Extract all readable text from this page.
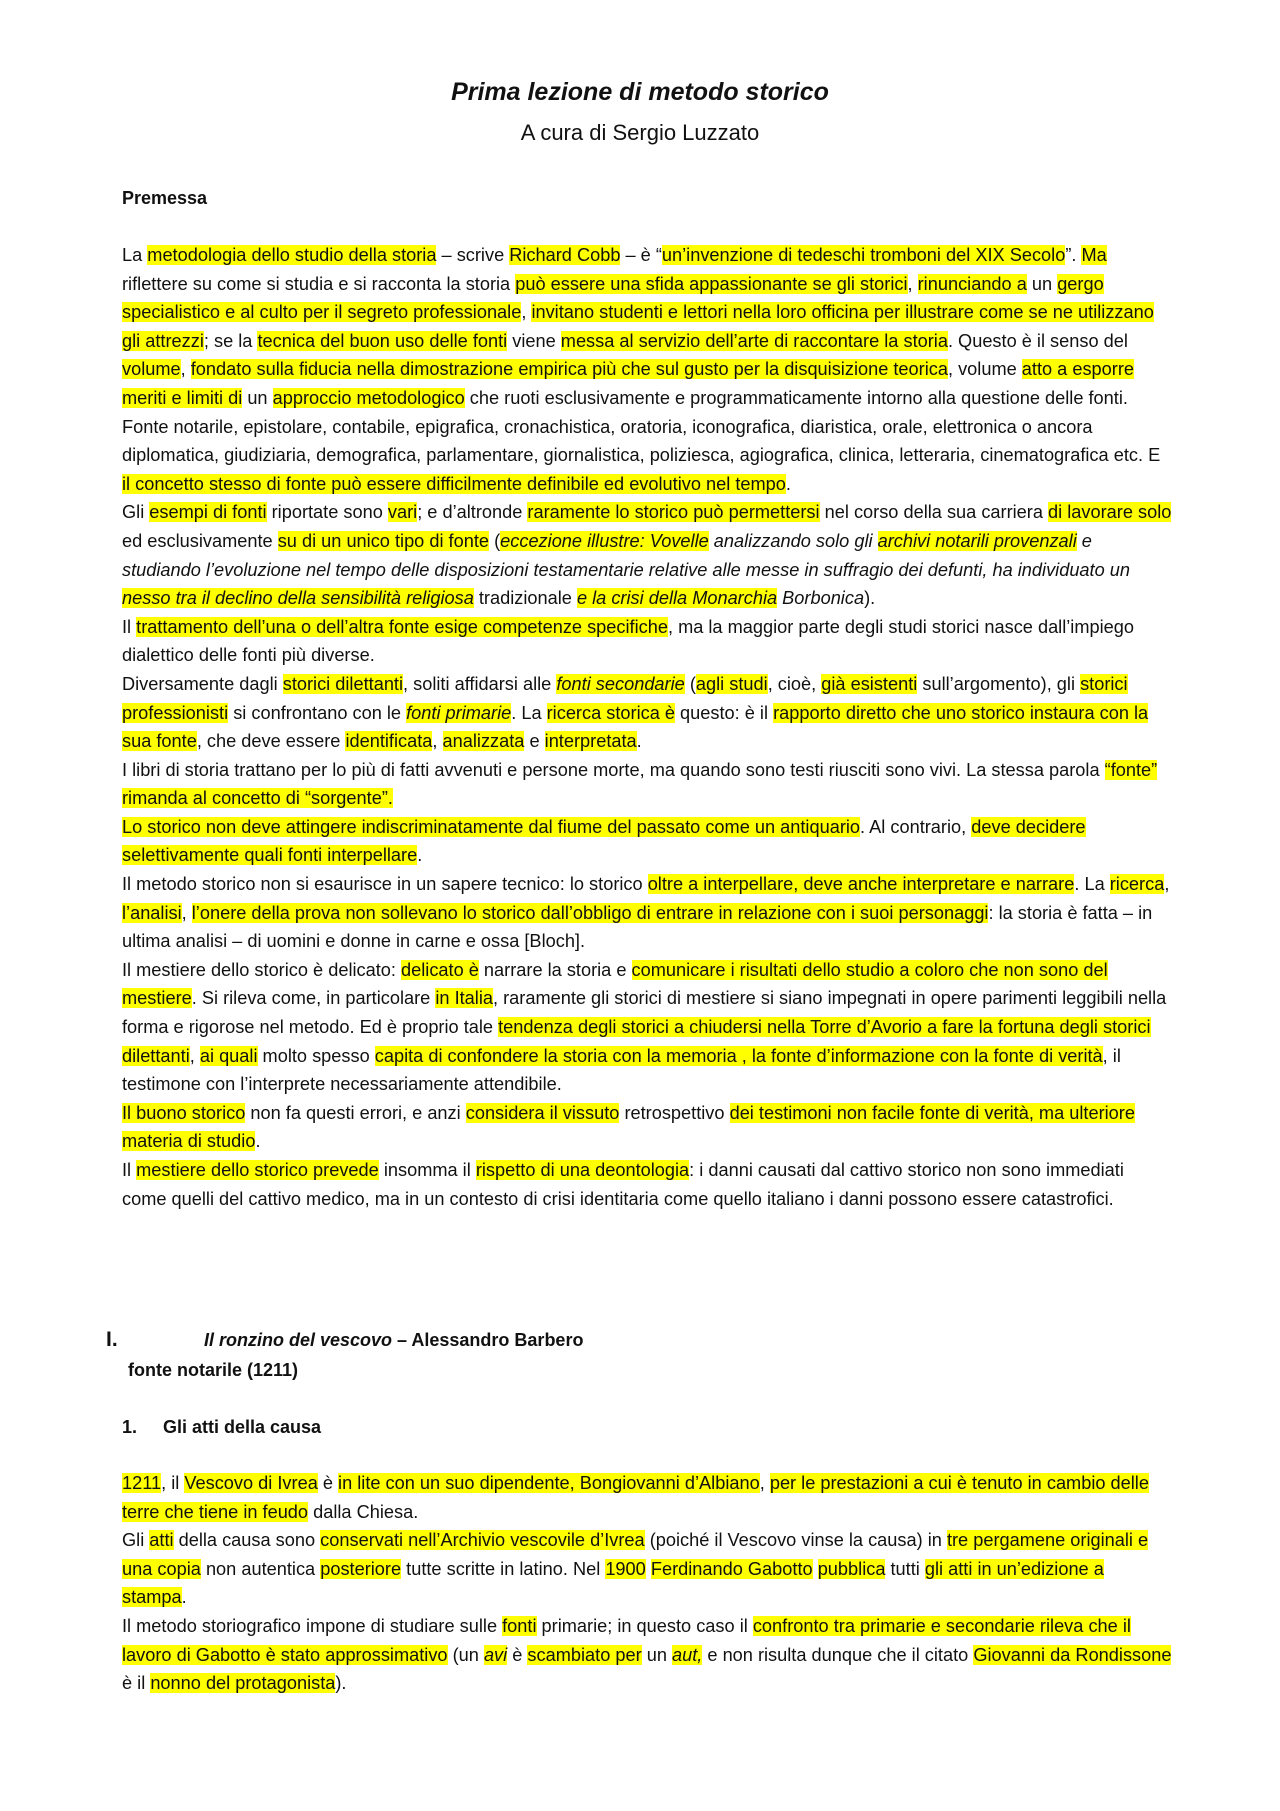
Prima lezione di metodo storico
A cura di Sergio Luzzato
Premessa

La metodologia dello studio della storia – scrive Richard Cobb – è “un’invenzione di tedeschi tromboni del XIX Secolo”. Ma riflettere su come si studia e si racconta la storia può essere una sfida appassionante se gli storici, rinunciando a un gergo specialistico e al culto per il segreto professionale, invitano studenti e lettori nella loro officina per illustrare come se ne utilizzano gli attrezzi; se la tecnica del buon uso delle fonti viene messa al servizio dell’arte di raccontare la storia. Questo è il senso del volume, fondato sulla fiducia nella dimostrazione empirica più che sul gusto per la disquisizione teorica, volume atto a esporre meriti e limiti di un approccio metodologico che ruoti esclusivamente e programmaticamente intorno alla questione delle fonti. Fonte notarile, epistolare, contabile, epigrafica, cronachistica, oratoria, iconografica, diaristica, orale, elettronica o ancora diplomatica, giudiziaria, demografica, parlamentare, giornalistica, poliziesca, agiografica, clinica, letteraria, cinematografica etc. E il concetto stesso di fonte può essere difficilmente definibile ed evolutivo nel tempo.

Gli esempi di fonti riportate sono vari; e d’altronde raramente lo storico può permettersi nel corso della sua carriera di lavorare solo ed esclusivamente su di un unico tipo di fonte (eccezione illustre: Vovelle analizzando solo gli archivi notarili provenzali e studiando l’evoluzione nel tempo delle disposizioni testamentarie relative alle messe in suffragio dei defunti, ha individuato un nesso tra il declino della sensibilità religiosa tradizionale e la crisi della Monarchia Borbonica).

Il trattamento dell’una o dell’altra fonte esige competenze specifiche, ma la maggior parte degli studi storici nasce dall’impiego dialettico delle fonti più diverse.

Diversamente dagli storici dilettanti, soliti affidarsi alle fonti secondarie (agli studi, cioè, già esistenti sull’argomento), gli storici professionisti si confrontano con le fonti primarie. La ricerca storica è questo: è il rapporto diretto che uno storico instaura con la sua fonte, che deve essere identificata, analizzata e interpretata.

I libri di storia trattano per lo più di fatti avvenuti e persone morte, ma quando sono testi riusciti sono vivi. La stessa parola “fonte” rimanda al concetto di “sorgente”.

Lo storico non deve attingere indiscriminatamente dal fiume del passato come un antiquario. Al contrario, deve decidere selettivamente quali fonti interpellare.

Il metodo storico non si esaurisce in un sapere tecnico: lo storico oltre a interpellare, deve anche interpretare e narrare. La ricerca, l’analisi, l’onere della prova non sollevano lo storico dall’obbligo di entrare in relazione con i suoi personaggi: la storia è fatta – in ultima analisi – di uomini e donne in carne e ossa [Bloch].

Il mestiere dello storico è delicato: delicato è narrare la storia e comunicare i risultati dello studio a coloro che non sono del mestiere. Si rileva come, in particolare in Italia, raramente gli storici di mestiere si siano impegnati in opere parimenti leggibili nella forma e rigorose nel metodo. Ed è proprio tale tendenza degli storici a chiudersi nella Torre d’Avorio a fare la fortuna degli storici dilettanti, ai quali molto spesso capita di confondere la storia con la memoria , la fonte d’informazione con la fonte di verità, il testimone con l’interprete necessariamente attendibile.

Il buono storico non fa questi errori, e anzi considera il vissuto retrospettivo dei testimoni non facile fonte di verità, ma ulteriore materia di studio.

Il mestiere dello storico prevede insomma il rispetto di una deontologia: i danni causati dal cattivo storico non sono immediati come quelli del cattivo medico, ma in un contesto di crisi identitaria come quello italiano i danni possono essere catastrofici.

I.	Il ronzino del vescovo – Alessandro Barbero
fonte notarile (1211)
1. Gli atti della causa

1211, il Vescovo di Ivrea è in lite con un suo dipendente, Bongiovanni d’Albiano, per le prestazioni a cui è tenuto in cambio delle terre che tiene in feudo dalla Chiesa.

Gli atti della causa sono conservati nell’Archivio vescovile d’Ivrea (poiché il Vescovo vinse la causa) in tre pergamene originali e una copia non autentica posteriore tutte scritte in latino. Nel 1900 Ferdinando Gabotto pubblica tutti gli atti in un’edizione a stampa.

Il metodo storiografico impone di studiare sulle fonti primarie; in questo caso il confronto tra primarie e secondarie rileva che il lavoro di Gabotto è stato approssimativo (un avi è scambiato per un aut, e non risulta dunque che il citato Giovanni da Rondissone è il nonno del protagonista).
